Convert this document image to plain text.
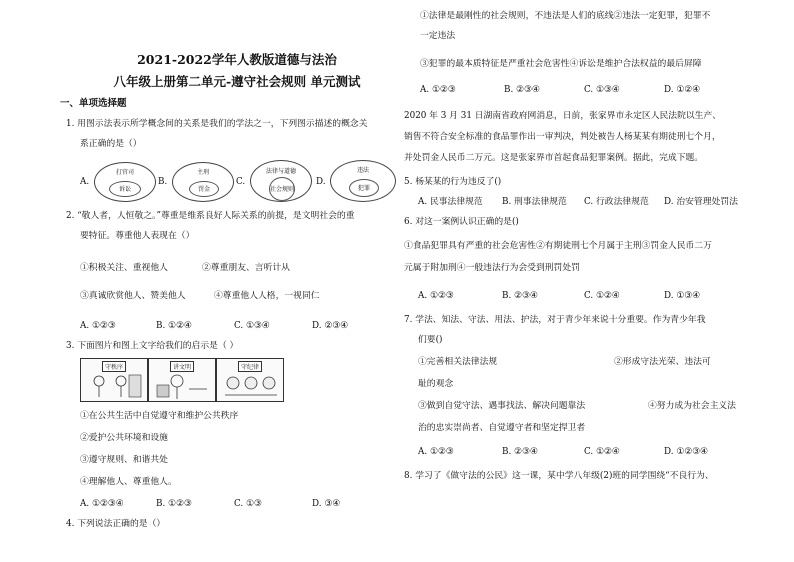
2021-2022学年人教版道德与法治
八年级上册第二单元-遵守社会规则 单元测试
一、单项选择题
1. 用图示法表示所学概念间的关系是我们的学法之一，下列图示描述的概念关
系正确的是（）
A.
打官司
诉讼
B.
主刑
罚金
C.
法律与道德
社会规则
D.
违法
犯罪
2. “敬人者，人恒敬之。”尊重是维系良好人际关系的前提，是文明社会的重
要特征。尊重他人表现在（）
①积极关注、重视他人	②尊重朋友、言听计从
③真诚欣赏他人、赞美他人	④尊重他人人格，一视同仁
A. ①②③	B. ①②④	C. ①③④	D. ②③④
3. 下面图片和图上文字给我们的启示是（ ）
守秩序	讲文明	守纪律
①在公共生活中自觉遵守和维护公共秩序
②爱护公共环境和设施
③遵守规则、和谐共处
④理解他人、尊重他人。
A. ①②③④	B. ①②③	C. ①③	D. ③④
4. 下列说法正确的是（）
①法律是最刚性的社会规则，不违法是人们的底线②违法一定犯罪，犯罪不
一定违法
③犯罪的最本质特征是严重社会危害性④诉讼是维护合法权益的最后屏障
A. ①②③	B. ②③④	C. ①③④	D. ①②④
2020 年 3 月 31 日湖南省政府网消息，日前，张家界市永定区人民法院以生产、
销售不符合安全标准的食品罪作出一审判决，判处被告人杨某某有期徒刑七个月，
并处罚金人民币二万元。这是张家界市首起食品犯罪案例。据此，完成下题。
5. 杨某某的行为违反了()
A. 民事法律规范 B. 刑事法律规范 C. 行政法律规范 D. 治安管理处罚法
6. 对这一案例认识正确的是()
①食品犯罪具有严重的社会危害性②有期徒刑七个月属于主刑③罚金人民币二万
元属于附加刑④一般违法行为会受到刑罚处罚
A. ①②③	B. ②③④	C. ①②④	D. ①③④
7. 学法、知法、守法、用法、护法，对于青少年来说十分重要。作为青少年我
们要()
①完善相关法律法规	②形成守法光荣、违法可
耻的观念
③做到自觉守法、遇事找法、解决问题靠法	④努力成为社会主义法
治的忠实崇尚者、自觉遵守者和坚定捍卫者
A. ①②③	B. ②③④	C. ①②④	D. ①②③④
8. 学习了《做守法的公民》这一课，某中学八年级(2)班的同学围绕“不良行为、
